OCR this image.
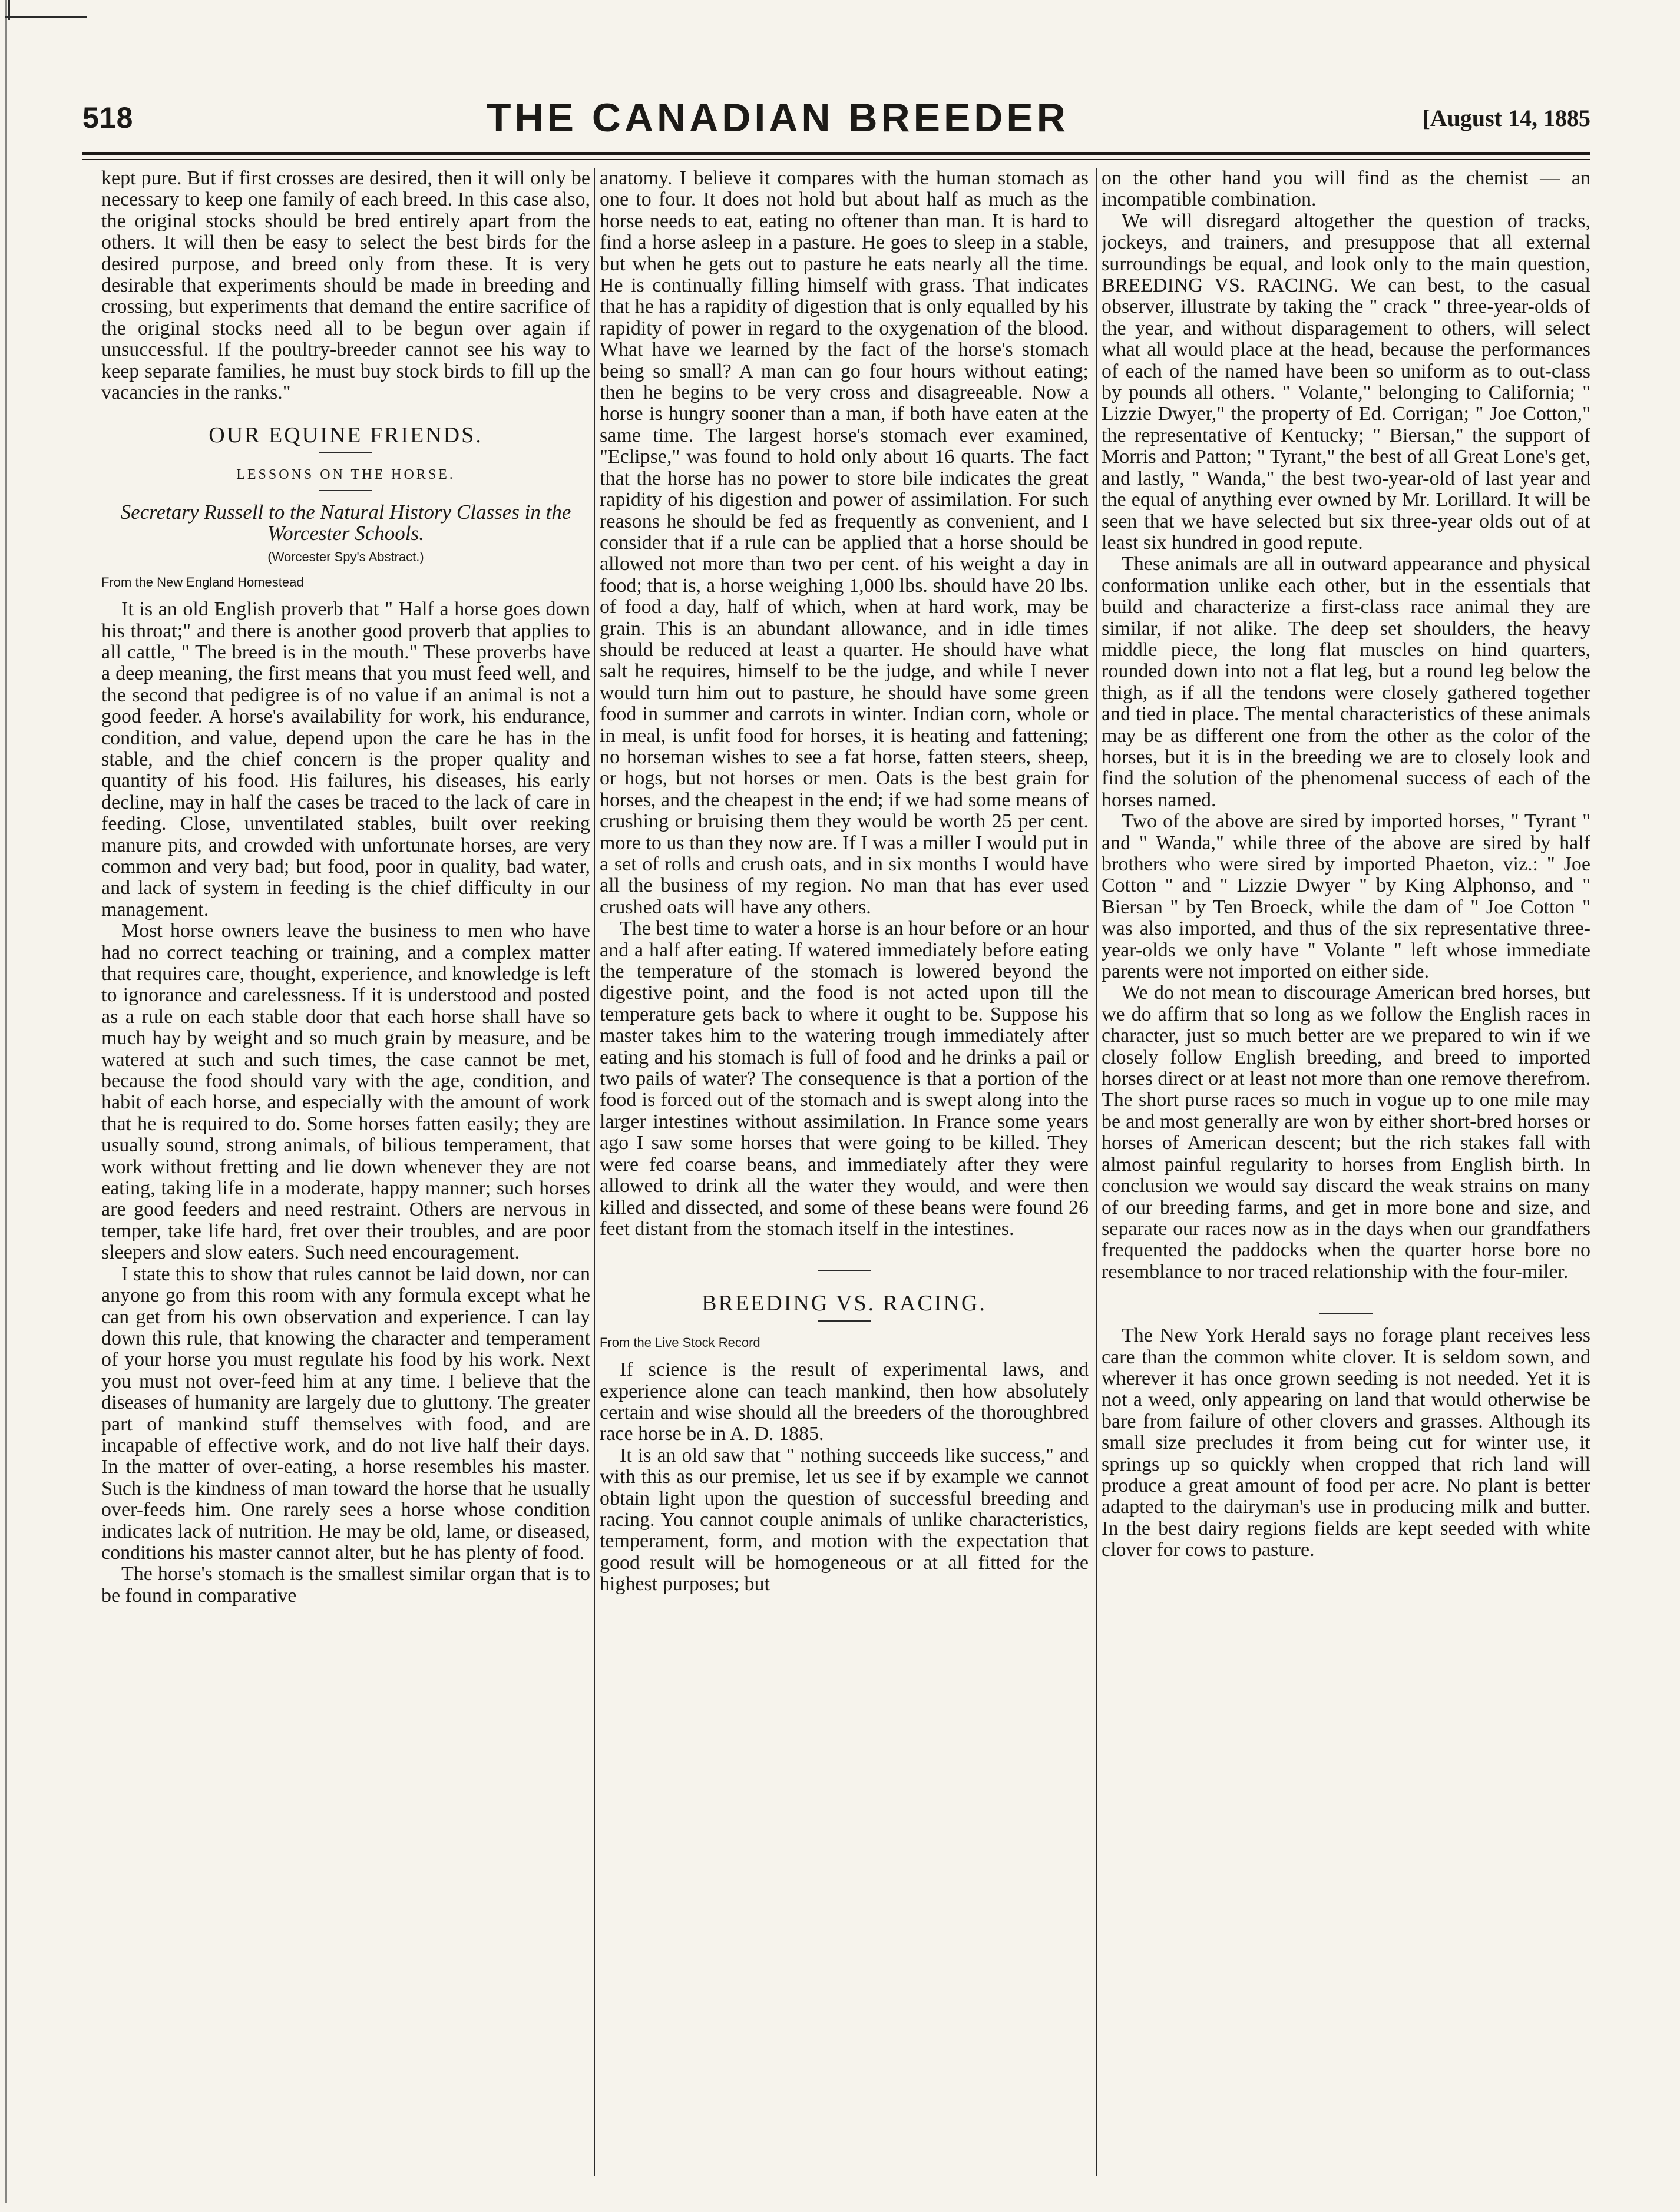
518	THE CANADIAN BREEDER	[August 14, 1885

kept pure. But if first crosses are desired, then it will only be necessary to keep one family of each breed. In this case also, the original stocks should be bred entirely apart from the others. It will then be easy to select the best birds for the desired purpose, and breed only from these. It is very desirable that experiments should be made in breeding and crossing, but experiments that demand the entire sacrifice of the original stocks need all to be begun over again if unsuccessful. If the poultry-breeder cannot see his way to keep separate families, he must buy stock birds to fill up the vacancies in the ranks."

OUR EQUINE FRIENDS.
LESSONS ON THE HORSE.
Secretary Russell to the Natural History Classes in the Worcester Schools.
(Worcester Spy's Abstract.)
From the New England Homestead

It is an old English proverb that " Half a horse goes down his throat;" and there is another good proverb that applies to all cattle, " The breed is in the mouth." These proverbs have a deep meaning, the first means that you must feed well, and the second that pedigree is of no value if an animal is not a good feeder. A horse's availability for work, his endurance, condition, and value, depend upon the care he has in the stable, and the chief concern is the proper quality and quantity of his food. His failures, his diseases, his early decline, may in half the cases be traced to the lack of care in feeding. Close, unventilated stables, built over reeking manure pits, and crowded with unfortunate horses, are very common and very bad; but food, poor in quality, bad water, and lack of system in feeding is the chief difficulty in our management.

Most horse owners leave the business to men who have had no correct teaching or training, and a complex matter that requires care, thought, experience, and knowledge is left to ignorance and carelessness. If it is understood and posted as a rule on each stable door that each horse shall have so much hay by weight and so much grain by measure, and be watered at such and such times, the case cannot be met, because the food should vary with the age, condition, and habit of each horse, and especially with the amount of work that he is required to do. Some horses fatten easily; they are usually sound, strong animals, of bilious temperament, that work without fretting and lie down whenever they are not eating, taking life in a moderate, happy manner; such horses are good feeders and need restraint. Others are nervous in temper, take life hard, fret over their troubles, and are poor sleepers and slow eaters. Such need encouragement.

I state this to show that rules cannot be laid down, nor can anyone go from this room with any formula except what he can get from his own observation and experience. I can lay down this rule, that knowing the character and temperament of your horse you must regulate his food by his work. Next you must not over-feed him at any time. I believe that the diseases of humanity are largely due to gluttony. The greater part of mankind stuff themselves with food, and are incapable of effective work, and do not live half their days. In the matter of over-eating, a horse resembles his master. Such is the kindness of man toward the horse that he usually over-feeds him. One rarely sees a horse whose condition indicates lack of nutrition. He may be old, lame, or diseased, conditions his master cannot alter, but he has plenty of food.

The horse's stomach is the smallest similar organ that is to be found in comparative

anatomy. I believe it compares with the human stomach as one to four. It does not hold but about half as much as the horse needs to eat, eating no oftener than man. It is hard to find a horse asleep in a pasture. He goes to sleep in a stable, but when he gets out to pasture he eats nearly all the time. He is continually filling himself with grass. That indicates that he has a rapidity of digestion that is only equalled by his rapidity of power in regard to the oxygenation of the blood. What have we learned by the fact of the horse's stomach being so small? A man can go four hours without eating; then he begins to be very cross and disagreeable. Now a horse is hungry sooner than a man, if both have eaten at the same time. The largest horse's stomach ever examined, "Eclipse," was found to hold only about 16 quarts. The fact that the horse has no power to store bile indicates the great rapidity of his digestion and power of assimilation. For such reasons he should be fed as frequently as convenient, and I consider that if a rule can be applied that a horse should be allowed not more than two per cent. of his weight a day in food; that is, a horse weighing 1,000 lbs. should have 20 lbs. of food a day, half of which, when at hard work, may be grain. This is an abundant allowance, and in idle times should be reduced at least a quarter. He should have what salt he requires, himself to be the judge, and while I never would turn him out to pasture, he should have some green food in summer and carrots in winter. Indian corn, whole or in meal, is unfit food for horses, it is heating and fattening; no horseman wishes to see a fat horse, fatten steers, sheep, or hogs, but not horses or men. Oats is the best grain for horses, and the cheapest in the end; if we had some means of crushing or bruising them they would be worth 25 per cent. more to us than they now are. If I was a miller I would put in a set of rolls and crush oats, and in six months I would have all the business of my region. No man that has ever used crushed oats will have any others.

The best time to water a horse is an hour before or an hour and a half after eating. If watered immediately before eating the temperature of the stomach is lowered beyond the digestive point, and the food is not acted upon till the temperature gets back to where it ought to be. Suppose his master takes him to the watering trough immediately after eating and his stomach is full of food and he drinks a pail or two pails of water? The consequence is that a portion of the food is forced out of the stomach and is swept along into the larger intestines without assimilation. In France some years ago I saw some horses that were going to be killed. They were fed coarse beans, and immediately after they were allowed to drink all the water they would, and were then killed and dissected, and some of these beans were found 26 feet distant from the stomach itself in the intestines.

BREEDING VS. RACING.
From the Live Stock Record

If science is the result of experimental laws, and experience alone can teach mankind, then how absolutely certain and wise should all the breeders of the thoroughbred race horse be in A. D. 1885.

It is an old saw that " nothing succeeds like success," and with this as our premise, let us see if by example we cannot obtain light upon the question of successful breeding and racing. You cannot couple animals of unlike characteristics, temperament, form, and motion with the expectation that good result will be homogeneous or at all fitted for the highest purposes; but

on the other hand you will find as the chemist — an incompatible combination.

We will disregard altogether the question of tracks, jockeys, and trainers, and presuppose that all external surroundings be equal, and look only to the main question, BREEDING VS. RACING. We can best, to the casual observer, illustrate by taking the " crack " three-year-olds of the year, and without disparagement to others, will select what all would place at the head, because the performances of each of the named have been so uniform as to out-class by pounds all others. " Volante," belonging to California; " Lizzie Dwyer," the property of Ed. Corrigan; " Joe Cotton," the representative of Kentucky; " Biersan," the support of Morris and Patton; " Tyrant," the best of all Great Lone's get, and lastly, " Wanda," the best two-year-old of last year and the equal of anything ever owned by Mr. Lorillard. It will be seen that we have selected but six three-year olds out of at least six hundred in good repute.

These animals are all in outward appearance and physical conformation unlike each other, but in the essentials that build and characterize a first-class race animal they are similar, if not alike. The deep set shoulders, the heavy middle piece, the long flat muscles on hind quarters, rounded down into not a flat leg, but a round leg below the thigh, as if all the tendons were closely gathered together and tied in place. The mental characteristics of these animals may be as different one from the other as the color of the horses, but it is in the breeding we are to closely look and find the solution of the phenomenal success of each of the horses named.

Two of the above are sired by imported horses, " Tyrant " and " Wanda," while three of the above are sired by half brothers who were sired by imported Phaeton, viz.: " Joe Cotton " and " Lizzie Dwyer " by King Alphonso, and " Biersan " by Ten Broeck, while the dam of " Joe Cotton " was also imported, and thus of the six representative three-year-olds we only have " Volante " left whose immediate parents were not imported on either side.

We do not mean to discourage American bred horses, but we do affirm that so long as we follow the English races in character, just so much better are we prepared to win if we closely follow English breeding, and breed to imported horses direct or at least not more than one remove therefrom. The short purse races so much in vogue up to one mile may be and most generally are won by either short-bred horses or horses of American descent; but the rich stakes fall with almost painful regularity to horses from English birth. In conclusion we would say discard the weak strains on many of our breeding farms, and get in more bone and size, and separate our races now as in the days when our grandfathers frequented the paddocks when the quarter horse bore no resemblance to nor traced relationship with the four-miler.

The New York Herald says no forage plant receives less care than the common white clover. It is seldom sown, and wherever it has once grown seeding is not needed. Yet it is not a weed, only appearing on land that would otherwise be bare from failure of other clovers and grasses. Although its small size precludes it from being cut for winter use, it springs up so quickly when cropped that rich land will produce a great amount of food per acre. No plant is better adapted to the dairyman's use in producing milk and butter. In the best dairy regions fields are kept seeded with white clover for cows to pasture.
